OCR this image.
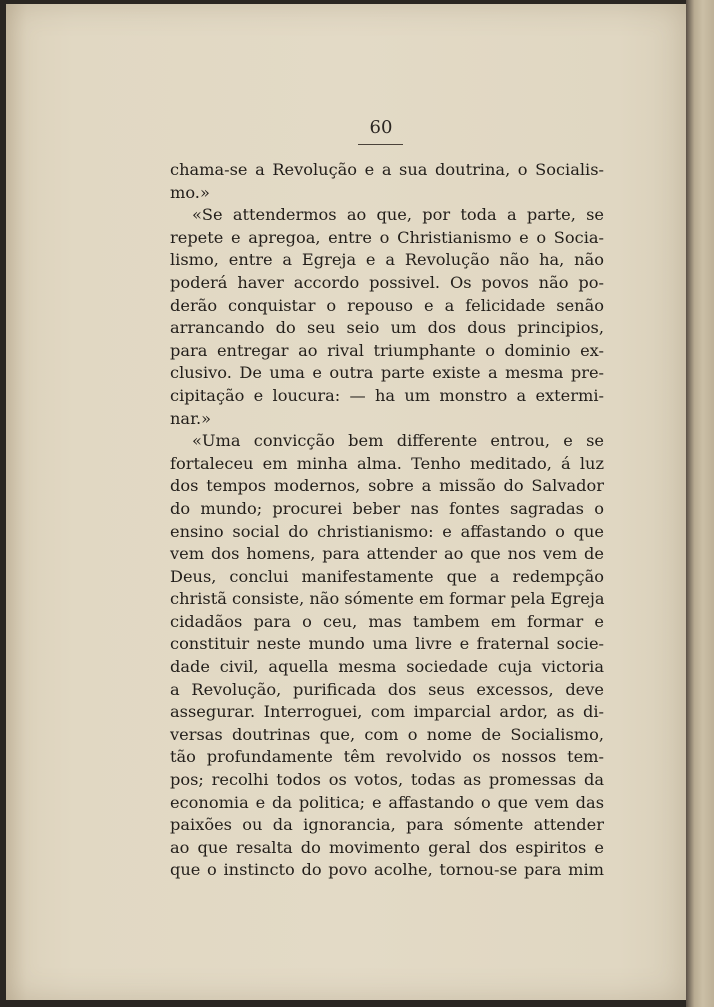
60
chama-se a Revolução e a sua doutrina, o Socialis-
mo.»
«Se attendermos ao que, por toda a parte, se
repete e apregoa, entre o Christianismo e o Socia-
lismo, entre a Egreja e a Revolução não ha, não
poderá haver accordo possivel. Os povos não po-
derão conquistar o repouso e a felicidade senão
arrancando do seu seio um dos dous principios,
para entregar ao rival triumphante o dominio ex-
clusivo. De uma e outra parte existe a mesma pre-
cipitação e loucura: — ha um monstro a extermi-
nar.»
«Uma convicção bem differente entrou, e se
fortaleceu em minha alma. Tenho meditado, á luz
dos tempos modernos, sobre a missão do Salvador
do mundo; procurei beber nas fontes sagradas o
ensino social do christianismo: e affastando o que
vem dos homens, para attender ao que nos vem de
Deus, conclui manifestamente que a redempção
christã consiste, não sómente em formar pela Egreja
cidadãos para o ceu, mas tambem em formar e
constituir neste mundo uma livre e fraternal socie-
dade civil, aquella mesma sociedade cuja victoria
a Revolução, purificada dos seus excessos, deve
assegurar. Interroguei, com imparcial ardor, as di-
versas doutrinas que, com o nome de Socialismo,
tão profundamente têm revolvido os nossos tem-
pos; recolhi todos os votos, todas as promessas da
economia e da politica; e affastando o que vem das
paixões ou da ignorancia, para sómente attender
ao que resalta do movimento geral dos espiritos e
que o instincto do povo acolhe, tornou-se para mim
